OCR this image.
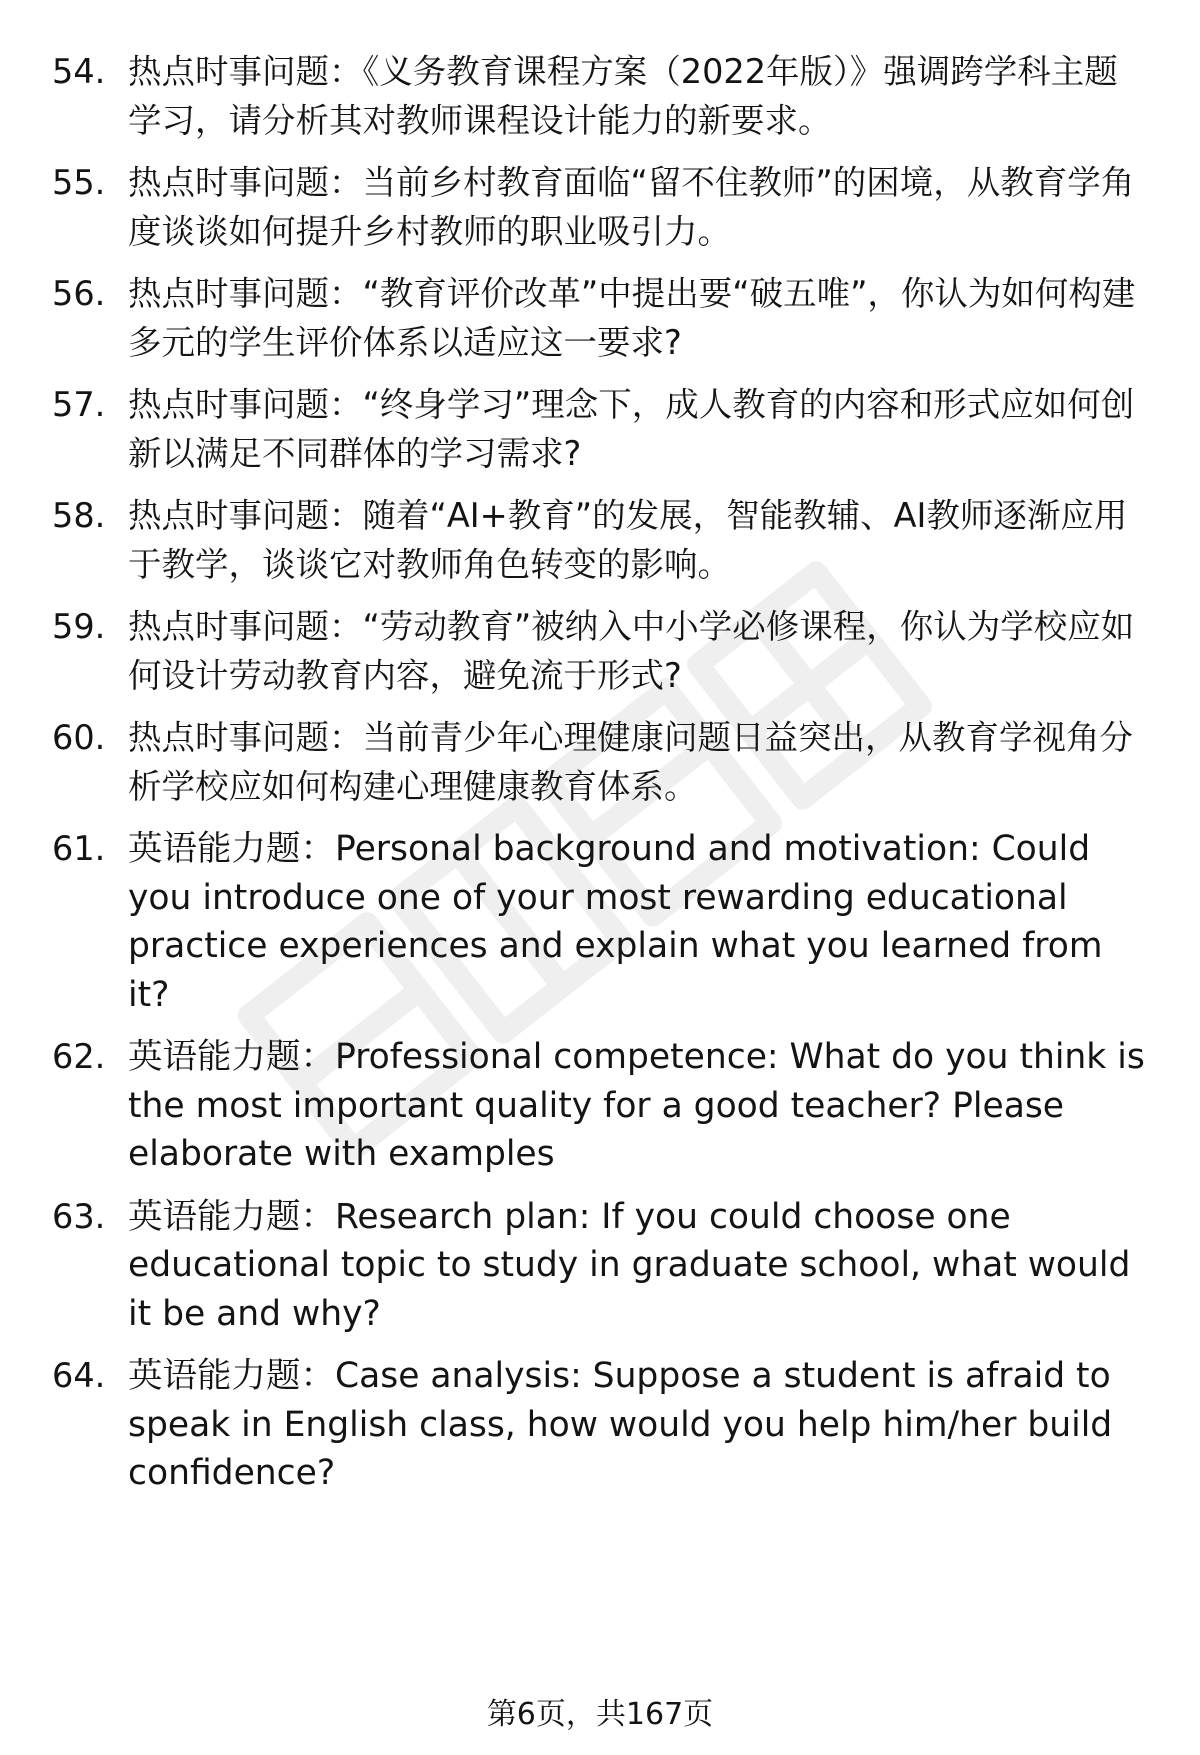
54. 热点时事问题：《义务教育课程方案（2022年版）》强调跨学科主题学习，请分析其对教师课程设计能力的新要求。
55. 热点时事问题：当前乡村教育面临“留不住教师”的困境，从教育学角度谈谈如何提升乡村教师的职业吸引力。
56. 热点时事问题：“教育评价改革”中提出要“破五唯”，你认为如何构建多元的学生评价体系以适应这一要求?
57. 热点时事问题：“终身学习”理念下，成人教育的内容和形式应如何创新以满足不同群体的学习需求?
58. 热点时事问题：随着“AI+教育”的发展，智能教辅、AI教师逐渐应用于教学，谈谈它对教师角色转变的影响。
59. 热点时事问题：“劳动教育”被纳入中小学必修课程，你认为学校应如何设计劳动教育内容，避免流于形式?
60. 热点时事问题：当前青少年心理健康问题日益突出，从教育学视角分析学校应如何构建心理健康教育体系。
61. 英语能力题：Personal background and motivation: Could you introduce one of your most rewarding educational practice experiences and explain what you learned from it?
62. 英语能力题：Professional competence: What do you think is the most important quality for a good teacher? Please elaborate with examples
63. 英语能力题：Research plan: If you could choose one educational topic to study in graduate school, what would it be and why?
64. 英语能力题：Case analysis: Suppose a student is afraid to speak in English class, how would you help him/her build confidence?
第6页，共167页
